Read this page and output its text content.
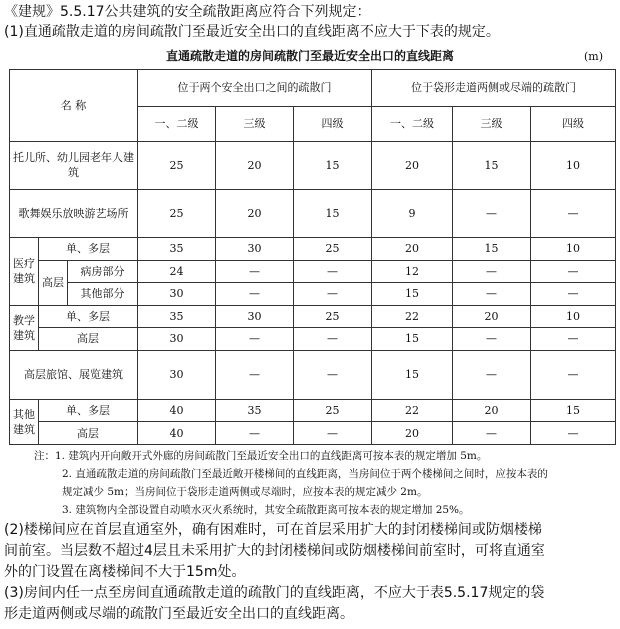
《建规》5.5.17公共建筑的安全疏散距离应符合下列规定：
(1)直通疏散走道的房间疏散门至最近安全出口的直线距离不应大于下表的规定。
直通疏散走道的房间疏散门至最近安全出口的直线距离	(m)
名 称			位于两个安全出口之间的疏散门			位于袋形走道两侧或尽端的疏散门		
			一、二级	三级	四级	一、二级	三级	四级
托儿所、幼儿园老年人建筑			25	20	15	20	15	10
歌舞娱乐放映游艺场所			25	20	15	9	—	—
医疗建筑	单、多层		35	30	25	20	15	10
	高层	病房部分	24	—	—	12	—	—
		其他部分	30	—	—	15	—	—
教学建筑	单、多层		35	30	25	22	20	10
	高层		30	—	—	15	—	—
高层旅馆、展览建筑			30	—	—	15	—	—
其他建筑	单、多层		40	35	25	22	20	15
	高层		40	—	—	20	—	—
注：1. 建筑内开向敞开式外廊的房间疏散门至最近安全出口的直线距离可按本表的规定增加 5m。
2. 直通疏散走道的房间疏散门至最近敞开楼梯间的直线距离，当房间位于两个楼梯间之间时，应按本表的
规定减少 5m；当房间位于袋形走道两侧或尽端时，应按本表的规定减少 2m。
3. 建筑物内全部设置自动喷水灭火系统时，其安全疏散距离可按本表的规定增加 25%。
(2)楼梯间应在首层直通室外，确有困难时，可在首层采用扩大的封闭楼梯间或防烟楼梯
间前室。当层数不超过4层且未采用扩大的封闭楼梯间或防烟楼梯间前室时，可将直通室
外的门设置在离楼梯间不大于15m处。
(3)房间内任一点至房间直通疏散走道的疏散门的直线距离，不应大于表5.5.17规定的袋
形走道两侧或尽端的疏散门至最近安全出口的直线距离。
